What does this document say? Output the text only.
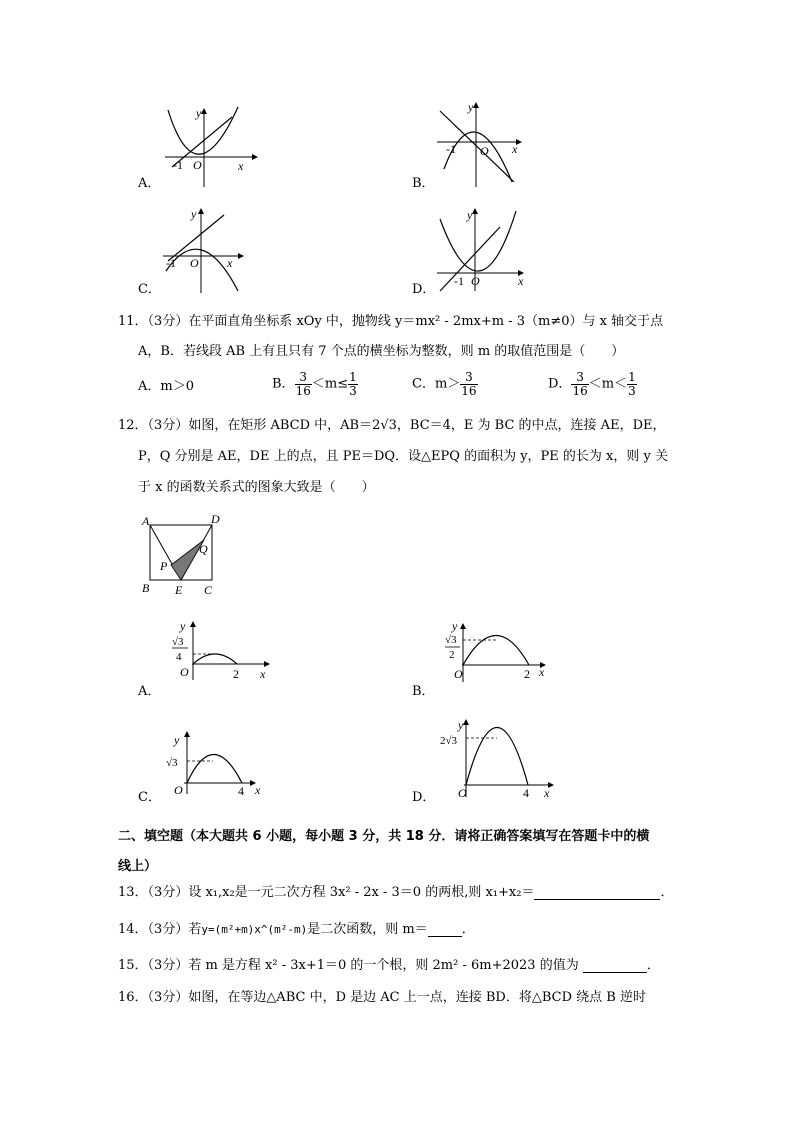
y
x
O
-1
A．
y
x
O
-1
B．
y
x
O
-1
C．
y
x
O
-1
D．
11．（3分）在平面直角坐标系 xOy 中，抛物线 y＝mx² - 2mx+m - 3（m≠0）与 x 轴交于点
A，B．若线段 AB 上有且只有 7 个点的横坐标为整数，则 m 的取值范围是（　　）
A．m＞0	B． $\frac{3}{16} <m\le \frac{1}{3}$	C．$m> \frac{3}{16}$	D． $\frac{3}{16} <m< \frac{1}{3}$
12．（3分）如图，在矩形 ABCD 中，AB＝2√3，BC＝4，E 为 BC 的中点，连接 AE，DE，
P，Q 分别是 AE，DE 上的点，且 PE＝DQ．设△EPQ 的面积为 y，PE 的长为 x，则 y 关
于 x 的函数关系式的图象大致是（　　）
A	D
B E C
P
Q
y
√3
4
O	2 x
A．
y
√3
2
O	2 x
B．
y
√3
O	4 x
C．
y
2√3
O	4 x
D．
二、填空题（本大题共 6 小题，每小题 3 分，共 18 分．请将正确答案填写在答题卡中的横
线上）
13．（3分）设 x₁,x₂是一元二次方程 3x² - 2x - 3＝0 的两根,则 x₁+x₂＝	．
14．（3分）若y=(m²+m)x^(m²-m)是二次函数，则 m＝	．
15．（3分）若 m 是方程 x² - 3x+1＝0 的一个根，则 2m² - 6m+2023 的值为	．
16．（3分）如图，在等边△ABC 中，D 是边 AC 上一点，连接 BD．将△BCD 绕点 B 逆时
